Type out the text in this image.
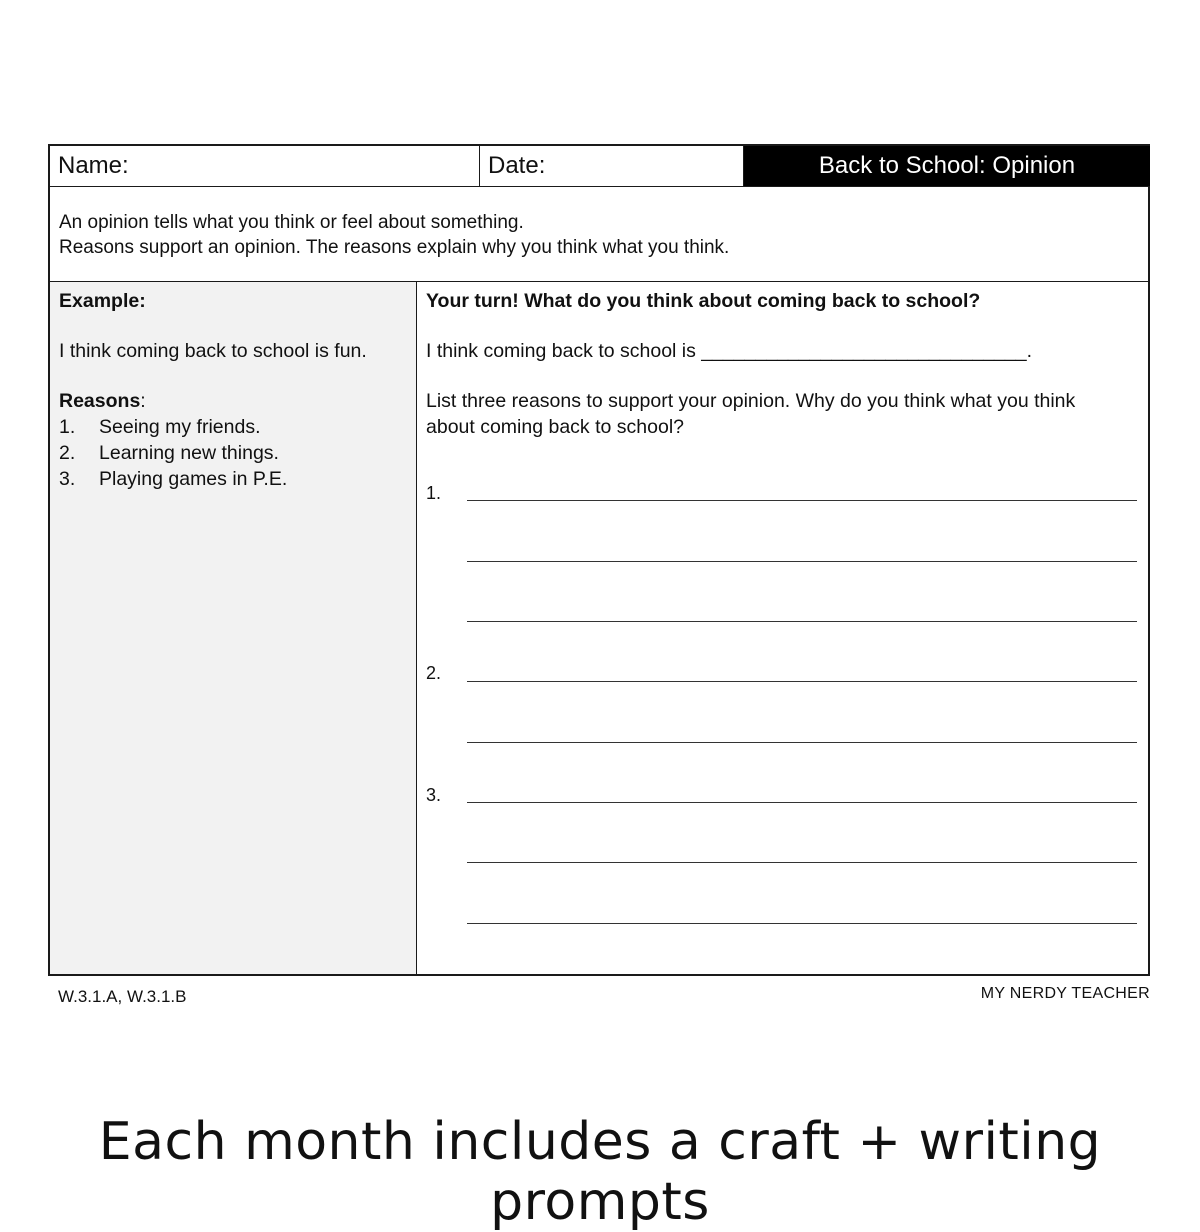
Name:	Date:	Back to School: Opinion
An opinion tells what you think or feel about something.
Reasons support an opinion. The reasons explain why you think what you think.
Example:
I think coming back to school is fun.
Reasons:
1. Seeing my friends.
2. Learning new things.
3. Playing games in P.E.
Your turn! What do you think about coming back to school?
I think coming back to school is ______________________________.
List three reasons to support your opinion. Why do you think what you think
about coming back to school?
1.
2.
3.
W.3.1.A, W.3.1.B	MY NERDY TEACHER
Each month includes a craft + writing prompts
